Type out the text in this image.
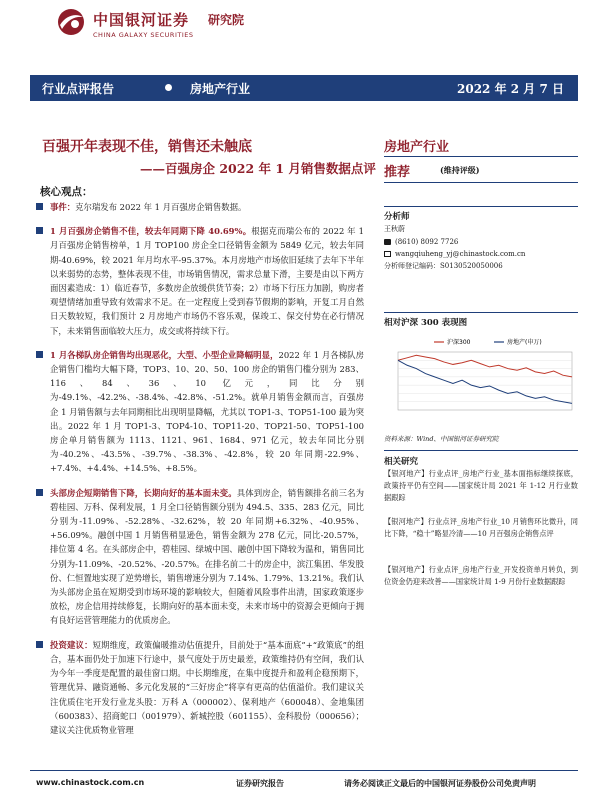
中国银河证券
CHINA GALAXY SECURITIES
研究院
行业点评报告	房地产行业	2022 年 2 月 7 日
百强开年表现不佳，销售还未触底
——百强房企 2022 年 1 月销售数据点评
核心观点：
事件：克尔瑞发布 2022 年 1 月百强房企销售数据。
1 月百强房企销售不佳，较去年同期下降 40.69%。根据克而瑞公布的 2022 年 1 月百强房企销售榜单，1 月 TOP100 房企全口径销售金额为 5849 亿元，较去年同期-40.69%，较 2021 年月均水平-95.37%。本月房地产市场依旧延续了去年下半年以来弱势的态势，整体表现不佳，市场销售情况，需求总量下滑，主要是由以下两方面因素造成：1）临近春节，多数房企放缓供货节奏；2）市场下行压力加剧，购房者观望情绪加重导致有效需求不足。在一定程度上受到春节假期的影响，开复工月自然日天数较短，我们预计 2 月房地产市场仍不容乐观，保竣工、保交付势在必行情况下，未来销售面临较大压力，成交或将持续下行。
1 月各梯队房企销售均出现恶化，大型、小型企业降幅明显，2022 年 1 月各梯队房企销售门槛均大幅下降，TOP3、10、20、50、100 房企的销售门槛分别为 283、116、84、36、10 亿元，同比分别为-49.1%、-42.2%、-38.4%、-42.8%、-51.2%。就单月销售金额而言，百强房企 1 月销售额与去年同期相比出现明显降幅，尤其以 TOP1-3、TOP51-100 最为突出。2022 年 1 月 TOP1-3、TOP4-10、TOP11-20、TOP21-50、TOP51-100 房企单月销售额为 1113、1121、961、1684、971 亿元，较去年同比分别为-40.2%、-43.5%、-39.7%、-38.3%、-42.8%，较 20 年同期-22.9%、+7.4%、+4.4%、+14.5%、+8.5%。
头部房企短期销售下降，长期向好的基本面未变。具体到房企，销售额排名前三名为碧桂园、万科、保利发展，1 月全口径销售额分别为 494.5、335、283 亿元，同比分别为-11.09%、-52.28%、-32.62%，较 20 年同期+6.32%、-40.95%、+56.09%。融创中国 1 月销售稍显逊色，销售金额为 278 亿元，同比-20.57%，排位第 4 名。在头部房企中，碧桂园、绿城中国、融创中国下降较为温和，销售同比分别为-11.09%、-20.52%、-20.57%。在排名前二十的房企中，滨江集团、华发股份、仁恒置地实现了逆势增长，销售增速分别为 7.14%、1.79%、13.21%。我们认为头部房企虽在短期受到市场环境的影响较大，但随着风险事件出清，国家政策逐步放松，房企信用持续修复，长期向好的基本面未变，未来市场中的资源会更倾向于拥有良好运营管理能力的优质房企。
投资建议：短期维度，政策偏暖推动估值提升，目前处于“基本面底”+“政策底”的组合，基本面仍处于加速下行途中，景气度处于历史最差，政策维持仍有空间，我们认为今年一季度是配置的最佳窗口期。中长期维度，在集中度提升和盈利企稳预期下，管理优异、融资通畅、多元化发展的“三好房企”将享有更高的估值溢价。我们建议关注优质住宅开发行业龙头股：万科 A（000002）、保利地产（600048）、金地集团（600383）、招商蛇口（001979）、新城控股（601155）、金科股份（000656）；建议关注优质物业管理
房地产行业
推荐	(维持评级)
分析师
王秋蔚
(8610) 8092 7726
wangqiuheng_yj@chinastock.com.cn
分析师登记编码：S0130520050006
相对沪深 300 表现图
沪深300	房地产(申万)
资料来源：Wind、中国银河证券研究院
相关研究
【银河地产】行业点评_房地产行业_基本面指标继续探底，政策持平仍有空间——国家统计局 2021 年 1-12 月行业数据跟踪
【银河地产】行业点评_房地产行业_10 月销售环比微升，同比下降，“稳十”略显冷清——10 月百强房企销售点评
【银河地产】行业点评_房地产行业_开发投资单月转负，到位资金仍迎来改善——国家统计局 1-9 月份行业数据跟踪
www.chinastock.com.cn	证券研究报告	请务必阅读正文最后的中国银河证券股份公司免责声明
